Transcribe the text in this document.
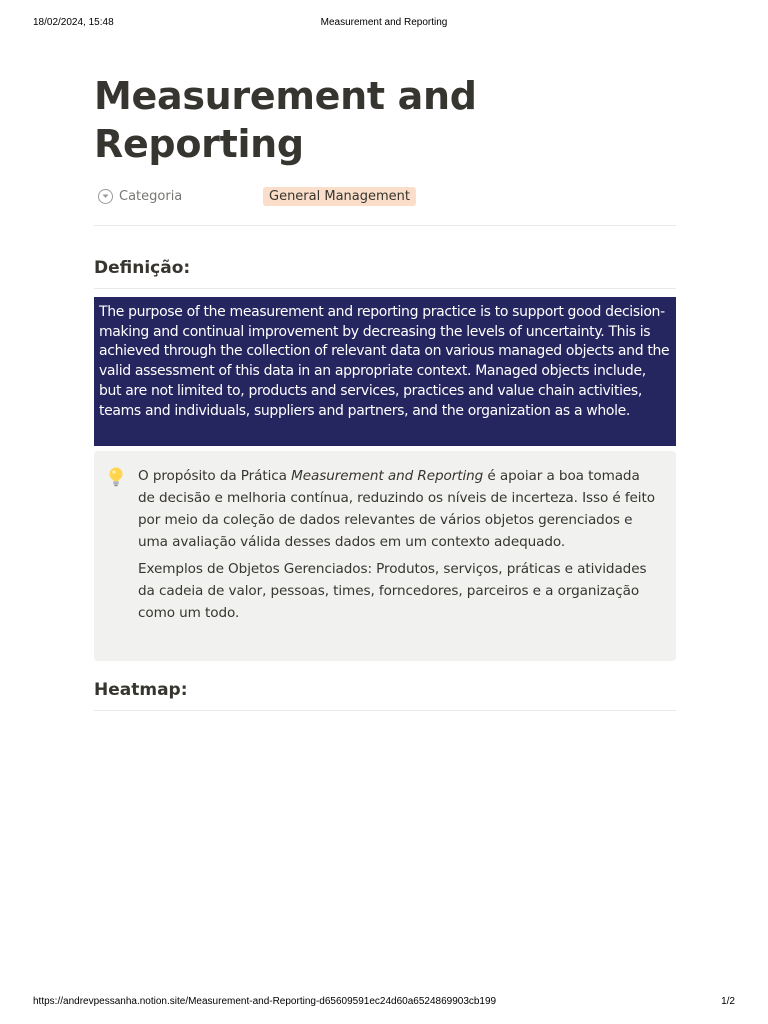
18/02/2024, 15:48	Measurement and Reporting
Measurement and Reporting
Categoria	General Management
Definição:

The purpose of the measurement and reporting practice is to support good decision-making and continual improvement by decreasing the levels of uncertainty. This is achieved through the collection of relevant data on various managed objects and the valid assessment of this data in an appropriate context. Managed objects include, but are not limited to, products and services, practices and value chain activities, teams and individuals, suppliers and partners, and the organization as a whole.

O propósito da Prática Measurement and Reporting é apoiar a boa tomada de decisão e melhoria contínua, reduzindo os níveis de incerteza. Isso é feito por meio da coleção de dados relevantes de vários objetos gerenciados e uma avaliação válida desses dados em um contexto adequado.

Exemplos de Objetos Gerenciados: Produtos, serviços, práticas e atividades da cadeia de valor, pessoas, times, forncedores, parceiros e a organização como um todo.

Heatmap:
https://andrevpessanha.notion.site/Measurement-and-Reporting-d65609591ec24d60a6524869903cb199	1/2
